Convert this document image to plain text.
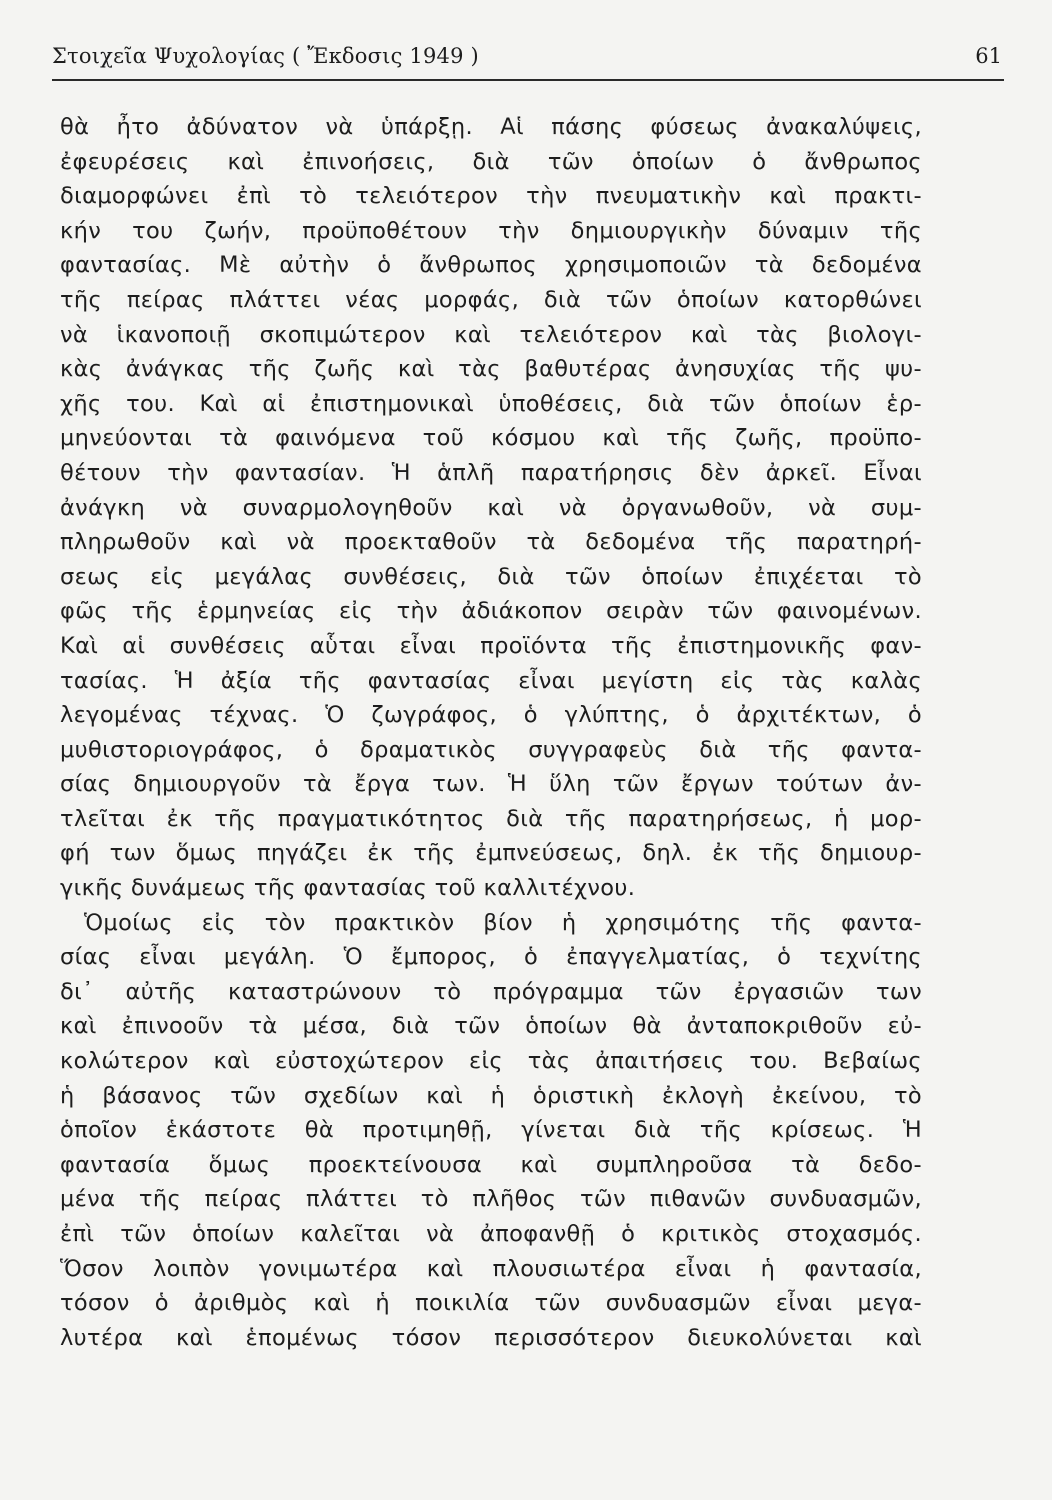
Στοιχεῖα Ψυχολογίας ( Ἔκδοσις 1949 )	61
θὰ ἦτο ἀδύνατον νὰ ὑπάρξῃ. Αἱ πάσης φύσεως ἀνακαλύψεις,
ἐφευρέσεις καὶ ἐπινοήσεις, διὰ τῶν ὁποίων ὁ ἄνθρωπος
διαμορφώνει ἐπὶ τὸ τελειότερον τὴν πνευματικὴν καὶ πρακτι-
κήν του ζωήν, προϋποθέτουν τὴν δημιουργικὴν δύναμιν τῆς
φαντασίας. Μὲ αὐτὴν ὁ ἄνθρωπος χρησιμοποιῶν τὰ δεδομένα
τῆς πείρας πλάττει νέας μορφάς, διὰ τῶν ὁποίων κατορθώνει
νὰ ἱκανοποιῇ σκοπιμώτερον καὶ τελειότερον καὶ τὰς βιολογι-
κὰς ἀνάγκας τῆς ζωῆς καὶ τὰς βαθυτέρας ἀνησυχίας τῆς ψυ-
χῆς του. Καὶ αἱ ἐπιστημονικαὶ ὑποθέσεις, διὰ τῶν ὁποίων ἑρ-
μηνεύονται τὰ φαινόμενα τοῦ κόσμου καὶ τῆς ζωῆς, προϋπο-
θέτουν τὴν φαντασίαν. Ἡ ἁπλῆ παρατήρησις δὲν ἀρκεῖ. Εἶναι
ἀνάγκη νὰ συναρμολογηθοῦν καὶ νὰ ὀργανωθοῦν, νὰ συμ-
πληρωθοῦν καὶ νὰ προεκταθοῦν τὰ δεδομένα τῆς παρατηρή-
σεως εἰς μεγάλας συνθέσεις, διὰ τῶν ὁποίων ἐπιχέεται τὸ
φῶς τῆς ἑρμηνείας εἰς τὴν ἀδιάκοπον σειρὰν τῶν φαινομένων.
Καὶ αἱ συνθέσεις αὗται εἶναι προϊόντα τῆς ἐπιστημονικῆς φαν-
τασίας. Ἡ ἀξία τῆς φαντασίας εἶναι μεγίστη εἰς τὰς καλὰς
λεγομένας τέχνας. Ὁ ζωγράφος, ὁ γλύπτης, ὁ ἀρχιτέκτων, ὁ
μυθιστοριογράφος, ὁ δραματικὸς συγγραφεὺς διὰ τῆς φαντα-
σίας δημιουργοῦν τὰ ἔργα των. Ἡ ὕλη τῶν ἔργων τούτων ἀν-
τλεῖται ἐκ τῆς πραγματικότητος διὰ τῆς παρατηρήσεως, ἡ μορ-
φή των ὅμως πηγάζει ἐκ τῆς ἐμπνεύσεως, δηλ. ἐκ τῆς δημιουρ-
γικῆς δυνάμεως τῆς φαντασίας τοῦ καλλιτέχνου.
Ὁμοίως εἰς τὸν πρακτικὸν βίον ἡ χρησιμότης τῆς φαντα-
σίας εἶναι μεγάλη. Ὁ ἔμπορος, ὁ ἐπαγγελματίας, ὁ τεχνίτης
δι᾿ αὐτῆς καταστρώνουν τὸ πρόγραμμα τῶν ἐργασιῶν των
καὶ ἐπινοοῦν τὰ μέσα, διὰ τῶν ὁποίων θὰ ἀνταποκριθοῦν εὐ-
κολώτερον καὶ εὐστοχώτερον εἰς τὰς ἀπαιτήσεις του. Βεβαίως
ἡ βάσανος τῶν σχεδίων καὶ ἡ ὁριστικὴ ἐκλογὴ ἐκείνου, τὸ
ὁποῖον ἑκάστοτε θὰ προτιμηθῇ, γίνεται διὰ τῆς κρίσεως. Ἡ
φαντασία ὅμως προεκτείνουσα καὶ συμπληροῦσα τὰ δεδο-
μένα τῆς πείρας πλάττει τὸ πλῆθος τῶν πιθανῶν συνδυασμῶν,
ἐπὶ τῶν ὁποίων καλεῖται νὰ ἀποφανθῇ ὁ κριτικὸς στοχασμός.
Ὅσον λοιπὸν γονιμωτέρα καὶ πλουσιωτέρα εἶναι ἡ φαντασία,
τόσον ὁ ἀριθμὸς καὶ ἡ ποικιλία τῶν συνδυασμῶν εἶναι μεγα-
λυτέρα καὶ ἑπομένως τόσον περισσότερον διευκολύνεται καὶ
